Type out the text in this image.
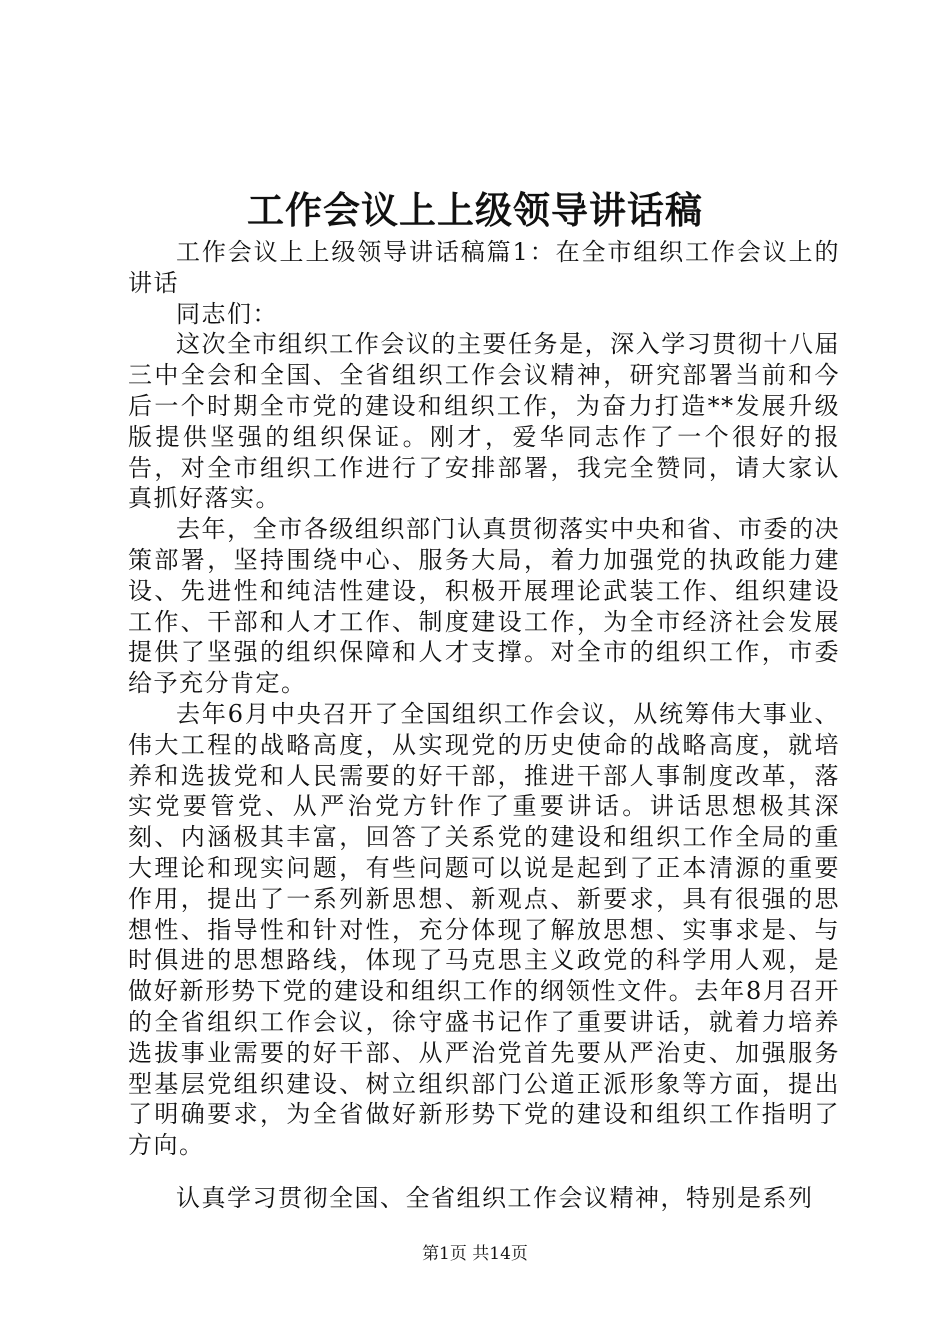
工作会议上上级领导讲话稿

工作会议上上级领导讲话稿篇1：在全市组织工作会议上的讲话

同志们：

这次全市组织工作会议的主要任务是，深入学习贯彻十八届三中全会和全国、全省组织工作会议精神，研究部署当前和今后一个时期全市党的建设和组织工作，为奋力打造**发展升级版提供坚强的组织保证。刚才，爱华同志作了一个很好的报告，对全市组织工作进行了安排部署，我完全赞同，请大家认真抓好落实。

去年，全市各级组织部门认真贯彻落实中央和省、市委的决策部署，坚持围绕中心、服务大局，着力加强党的执政能力建设、先进性和纯洁性建设，积极开展理论武装工作、组织建设工作、干部和人才工作、制度建设工作，为全市经济社会发展提供了坚强的组织保障和人才支撑。对全市的组织工作，市委给予充分肯定。

去年6月中央召开了全国组织工作会议，从统筹伟大事业、伟大工程的战略高度，从实现党的历史使命的战略高度，就培养和选拔党和人民需要的好干部，推进干部人事制度改革，落实党要管党、从严治党方针作了重要讲话。讲话思想极其深刻、内涵极其丰富，回答了关系党的建设和组织工作全局的重大理论和现实问题，有些问题可以说是起到了正本清源的重要作用，提出了一系列新思想、新观点、新要求，具有很强的思想性、指导性和针对性，充分体现了解放思想、实事求是、与时俱进的思想路线，体现了马克思主义政党的科学用人观，是做好新形势下党的建设和组织工作的纲领性文件。去年8月召开的全省组织工作会议，徐守盛书记作了重要讲话，就着力培养选拔事业需要的好干部、从严治党首先要从严治吏、加强服务型基层党组织建设、树立组织部门公道正派形象等方面，提出了明确要求，为全省做好新形势下党的建设和组织工作指明了方向。

认真学习贯彻全国、全省组织工作会议精神，特别是系列

第1页 共14页
